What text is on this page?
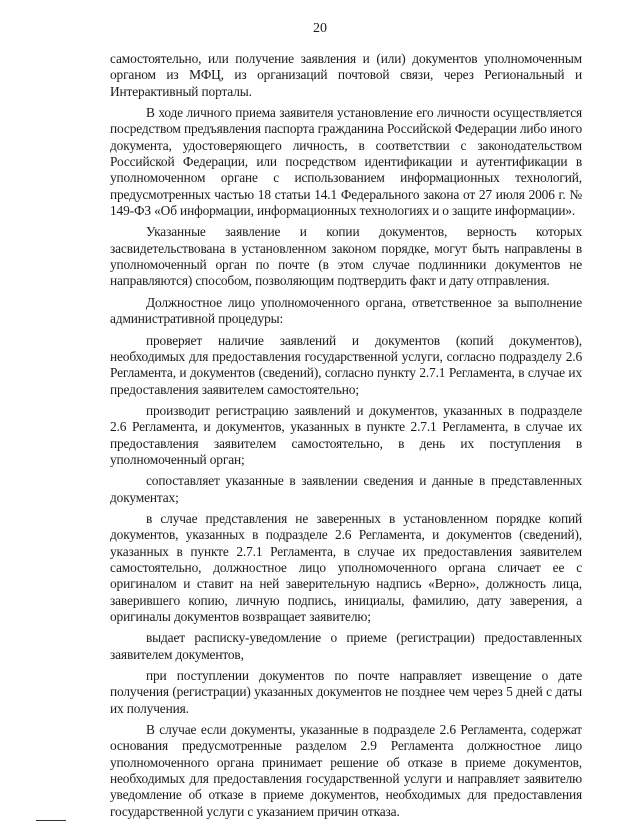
20

самостоятельно, или получение заявления и (или) документов уполномоченным органом из МФЦ, из организаций почтовой связи, через Региональный и Интерактивный порталы.

В ходе личного приема заявителя установление его личности осуществляется посредством предъявления паспорта гражданина Российской Федерации либо иного документа, удостоверяющего личность, в соответствии с законодательством Российской Федерации, или посредством идентификации и аутентификации в уполномоченном органе с использованием информационных технологий, предусмотренных частью 18 статьи 14.1 Федерального закона от 27 июля 2006 г. № 149-ФЗ «Об информации, информационных технологиях и о защите информации».

Указанные заявление и копии документов, верность которых засвидетельствована в установленном законом порядке, могут быть направлены в уполномоченный орган по почте (в этом случае подлинники документов не направляются) способом, позволяющим подтвердить факт и дату отправления.

Должностное лицо уполномоченного органа, ответственное за выполнение административной процедуры:

проверяет наличие заявлений и документов (копий документов), необходимых для предоставления государственной услуги, согласно подразделу 2.6 Регламента, и документов (сведений), согласно пункту 2.7.1 Регламента, в случае их предоставления заявителем самостоятельно;

производит регистрацию заявлений и документов, указанных в подразделе 2.6 Регламента, и документов, указанных в пункте 2.7.1 Регламента, в случае их предоставления заявителем самостоятельно, в день их поступления в уполномоченный орган;

сопоставляет указанные в заявлении сведения и данные в представленных документах;

в случае представления не заверенных в установленном порядке копий документов, указанных в подразделе 2.6 Регламента, и документов (сведений), указанных в пункте 2.7.1 Регламента, в случае их предоставления заявителем самостоятельно, должностное лицо уполномоченного органа сличает ее с оригиналом и ставит на ней заверительную надпись «Верно», должность лица, заверившего копию, личную подпись, инициалы, фамилию, дату заверения, а оригиналы документов возвращает заявителю;

выдает расписку-уведомление о приеме (регистрации) предоставленных заявителем документов,

при поступлении документов по почте направляет извещение о дате получения (регистрации) указанных документов не позднее чем через 5 дней с даты их получения.

В случае если документы, указанные в подразделе 2.6 Регламента, содержат основания предусмотренные разделом 2.9 Регламента должностное лицо уполномоченного органа принимает решение об отказе в приеме документов, необходимых для предоставления государственной услуги и направляет заявителю уведомление об отказе в приеме документов, необходимых для предоставления государственной услуги с указанием причин отказа.
